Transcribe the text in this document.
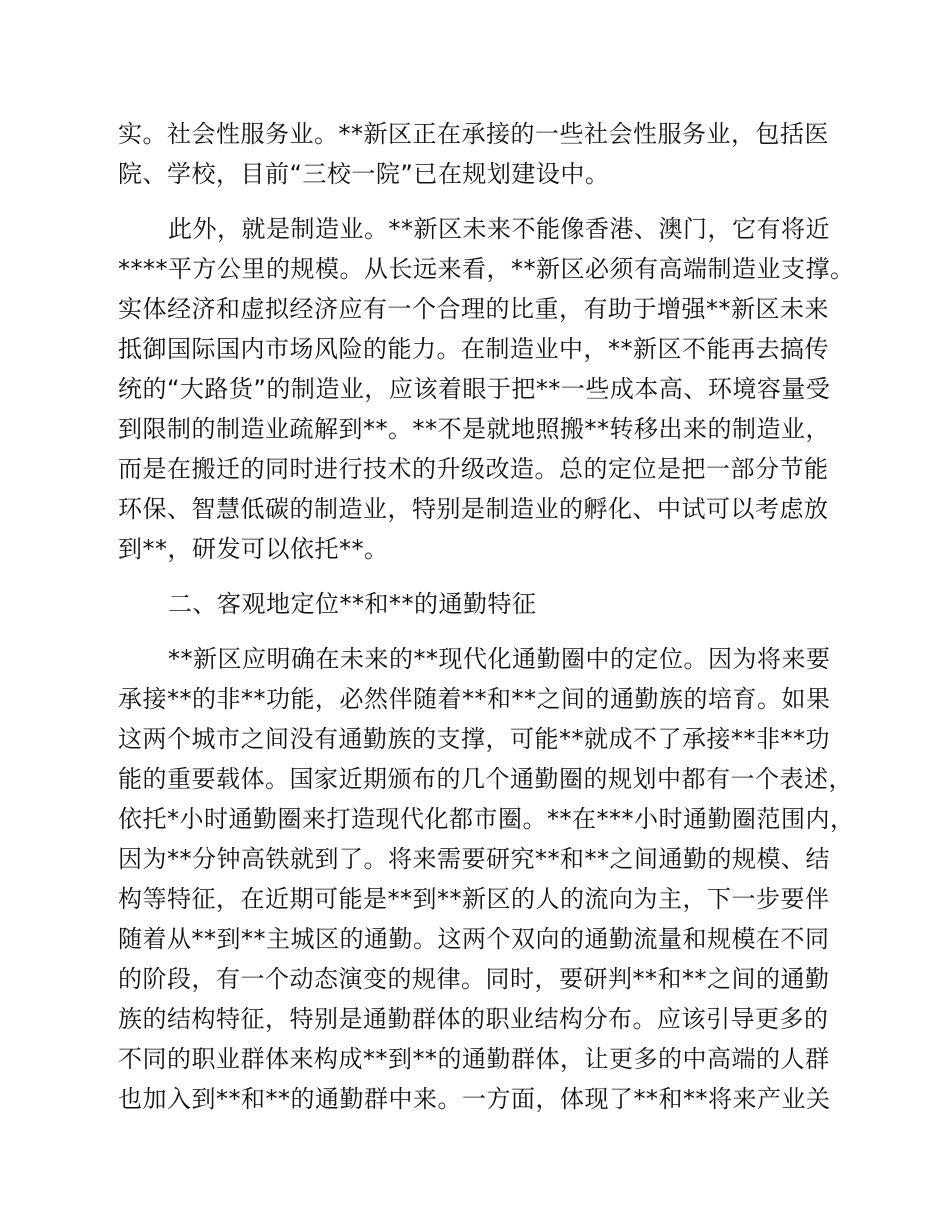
实。社会性服务业。**新区正在承接的一些社会性服务业，包括医

院、学校，目前“三校一院”已在规划建设中。

此外，就是制造业。**新区未来不能像香港、澳门，它有将近

****平方公里的规模。从长远来看，**新区必须有高端制造业支撑。

实体经济和虚拟经济应有一个合理的比重，有助于增强**新区未来

抵御国际国内市场风险的能力。在制造业中，**新区不能再去搞传

统的“大路货”的制造业，应该着眼于把**一些成本高、环境容量受

到限制的制造业疏解到**。**不是就地照搬**转移出来的制造业，

而是在搬迁的同时进行技术的升级改造。总的定位是把一部分节能

环保、智慧低碳的制造业，特别是制造业的孵化、中试可以考虑放

到**，研发可以依托**。

二、客观地定位**和**的通勤特征

**新区应明确在未来的**现代化通勤圈中的定位。因为将来要

承接**的非**功能，必然伴随着**和**之间的通勤族的培育。如果

这两个城市之间没有通勤族的支撑，可能**就成不了承接**非**功

能的重要载体。国家近期颁布的几个通勤圈的规划中都有一个表述，

依托*小时通勤圈来打造现代化都市圈。**在***小时通勤圈范围内，

因为**分钟高铁就到了。将来需要研究**和**之间通勤的规模、结

构等特征，在近期可能是**到**新区的人的流向为主，下一步要伴

随着从**到**主城区的通勤。这两个双向的通勤流量和规模在不同

的阶段，有一个动态演变的规律。同时，要研判**和**之间的通勤

族的结构特征，特别是通勤群体的职业结构分布。应该引导更多的

不同的职业群体来构成**到**的通勤群体，让更多的中高端的人群

也加入到**和**的通勤群中来。一方面，体现了**和**将来产业关
